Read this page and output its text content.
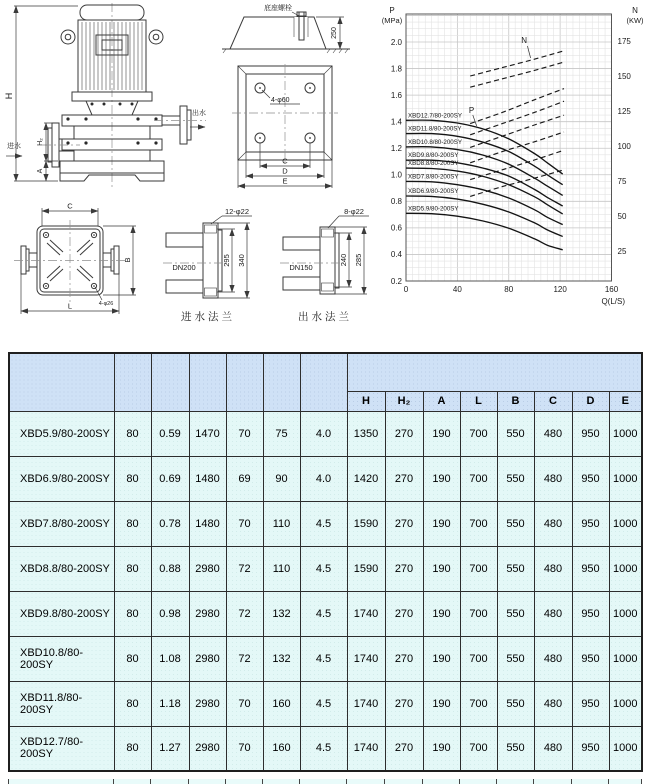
出水
进水
H
H₂
A
底座螺栓
250
4-φ60
C
D
E
C
B
L	4-φ26
DN200
12-φ22
295 340
进水法兰
DN150
8-φ22
240 285
出水法兰
0.2
0.4
0.6
0.8
1.0
1.2
1.4
1.6
1.8
2.0
25
50
75
100
125
150
175
0	40	80	120	160
P
(MPa)
N
(KW)
Q(L/S)
XBD12.7/80-200SY
XBD11.8/80-200SY
XBD10.8/80-200SY
XBD9.8/80-200SY
XBD8.8/80-200SY
XBD7.8/80-200SY
XBD6.9/80-200SY
XBD5.9/80-200SY
N
P

							H	H₂	A	L	B	C	D	E
XBD5.9/80-200SY	80	0.59	1470	70	75	4.0	1350	270	190	700	550	480	950	1000
XBD6.9/80-200SY	80	0.69	1480	69	90	4.0	1420	270	190	700	550	480	950	1000
XBD7.8/80-200SY	80	0.78	1480	70	110	4.5	1590	270	190	700	550	480	950	1000
XBD8.8/80-200SY	80	0.88	2980	72	110	4.5	1590	270	190	700	550	480	950	1000
XBD9.8/80-200SY	80	0.98	2980	72	132	4.5	1740	270	190	700	550	480	950	1000
XBD10.8/80-200SY	80	1.08	2980	72	132	4.5	1740	270	190	700	550	480	950	1000
XBD11.8/80-200SY	80	1.18	2980	70	160	4.5	1740	270	190	700	550	480	950	1000
XBD12.7/80-200SY	80	1.27	2980	70	160	4.5	1740	270	190	700	550	480	950	1000
